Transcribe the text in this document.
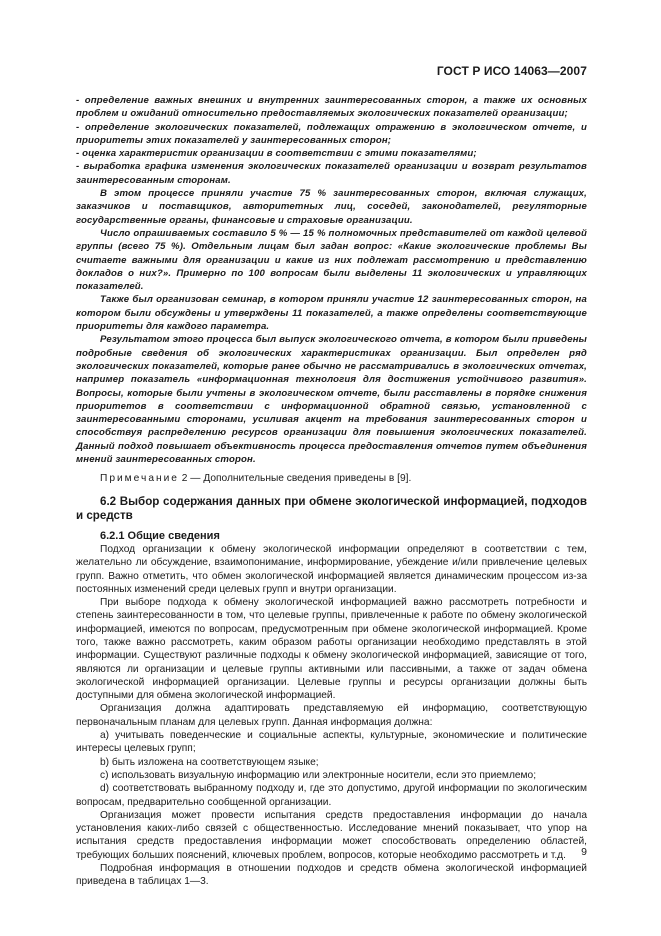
ГОСТ Р ИСО 14063—2007

- определение важных внешних и внутренних заинтересованных сторон, а также их основных проблем и ожиданий относительно предоставляемых экологических показателей организации;

- определение экологических показателей, подлежащих отражению в экологическом отчете, и приоритеты этих показателей у заинтересованных сторон;

- оценка характеристик организации в соответствии с этими показателями;

- выработка графика изменения экологических показателей организации и возврат результатов заинтересованным сторонам.

В этом процессе приняли участие 75 % заинтересованных сторон, включая служащих, заказчиков и поставщиков, авторитетных лиц, соседей, законодателей, регуляторные государственные органы, финансовые и страховые организации.

Число опрашиваемых составило 5 % — 15 % полномочных представителей от каждой целевой группы (всего 75 %). Отдельным лицам был задан вопрос: «Какие экологические проблемы Вы считаете важными для организации и какие из них подлежат рассмотрению и представлению докладов о них?». Примерно по 100 вопросам были выделены 11 экологических и управляющих показателей.

Также был организован семинар, в котором приняли участие 12 заинтересованных сторон, на котором были обсуждены и утверждены 11 показателей, а также определены соответствующие приоритеты для каждого параметра.

Результатом этого процесса был выпуск экологического отчета, в котором были приведены подробные сведения об экологических характеристиках организации. Был определен ряд экологических показателей, которые ранее обычно не рассматривались в экологических отчетах, например показатель «информационная технология для достижения устойчивого развития». Вопросы, которые были учтены в экологическом отчете, были расставлены в порядке снижения приоритетов в соответствии с информационной обратной связью, установленной с заинтересованными сторонами, усиливая акцент на требования заинтересованных сторон и способствуя распределению ресурсов организации для повышения экологических показателей. Данный подход повышает объективность процесса предоставления отчетов путем объединения мнений заинтересованных сторон.

Примечание 2 — Дополнительные сведения приведены в [9].

6.2 Выбор содержания данных при обмене экологической информацией, подходов и средств

6.2.1 Общие сведения

Подход организации к обмену экологической информации определяют в соответствии с тем, желательно ли обсуждение, взаимопонимание, информирование, убеждение и/или привлечение целевых групп. Важно отметить, что обмен экологической информацией является динамическим процессом из-за постоянных изменений среди целевых групп и внутри организации.

При выборе подхода к обмену экологической информацией важно рассмотреть потребности и степень заинтересованности в том, что целевые группы, привлеченные к работе по обмену экологической информацией, имеются по вопросам, предусмотренным при обмене экологической информацией. Кроме того, также важно рассмотреть, каким образом работы организации необходимо представлять в этой информации. Существуют различные подходы к обмену экологической информацией, зависящие от того, являются ли организации и целевые группы активными или пассивными, а также от задач обмена экологической информацией организации. Целевые группы и ресурсы организации должны быть доступными для обмена экологической информацией.

Организация должна адаптировать представляемую ей информацию, соответствующую первоначальным планам для целевых групп. Данная информация должна:

а) учитывать поведенческие и социальные аспекты, культурные, экономические и политические интересы целевых групп;

b) быть изложена на соответствующем языке;

с) использовать визуальную информацию или электронные носители, если это приемлемо;

d) соответствовать выбранному подходу и, где это допустимо, другой информации по экологическим вопросам, предварительно сообщенной организации.

Организация может провести испытания средств предоставления информации до начала установления каких-либо связей с общественностью. Исследование мнений показывает, что упор на испытания средств предоставления информации может способствовать определению областей, требующих больших пояснений, ключевых проблем, вопросов, которые необходимо рассмотреть и т.д.

Подробная информация в отношении подходов и средств обмена экологической информацией приведена в таблицах 1—3.

9
